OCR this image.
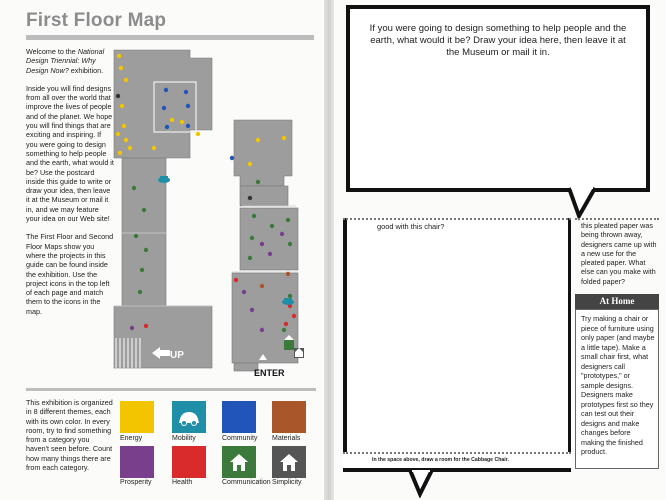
First Floor Map

Welcome to the National Design Triennial: Why Design Now? exhibition.

Inside you will find designs from all over the world that improve the lives of people and of the planet. We hope you will find things that are exciting and inspiring. If you were going to design something to help people and the earth, what would it be? Use the postcard inside this guide to write or draw your idea, then leave it at the Museum or mail it in, and we may feature your idea on our Web site!

The First Floor and Second Floor Maps show you where the projects in this guide can be found inside the exhibition. Use the project icons in the top left of each page and match them to the icons in the map.

UP
ENTER
This exhibition is organized in 8 different themes, each with its own color. In every room, try to find something from a category you haven't seen before. Count how many things there are from each category.
Energy	Mobility	Community Materials
Prosperity	Health	Communication Simplicity
If you were going to design something to help people and the earth, what would it be? Draw your idea here, then leave it at the Museum or mail it in.
good with this chair?
In the space above, draw a room for the Cabbage Chair.
this pleated paper was being thrown away, designers came up with a new use for the pleated paper. What else can you make with folded paper?
At Home
Try making a chair or piece of furniture using only paper (and maybe a little tape). Make a small chair first, what designers call "prototypes," or sample designs. Designers make prototypes first so they can test out their designs and make changes before making the finished product.
